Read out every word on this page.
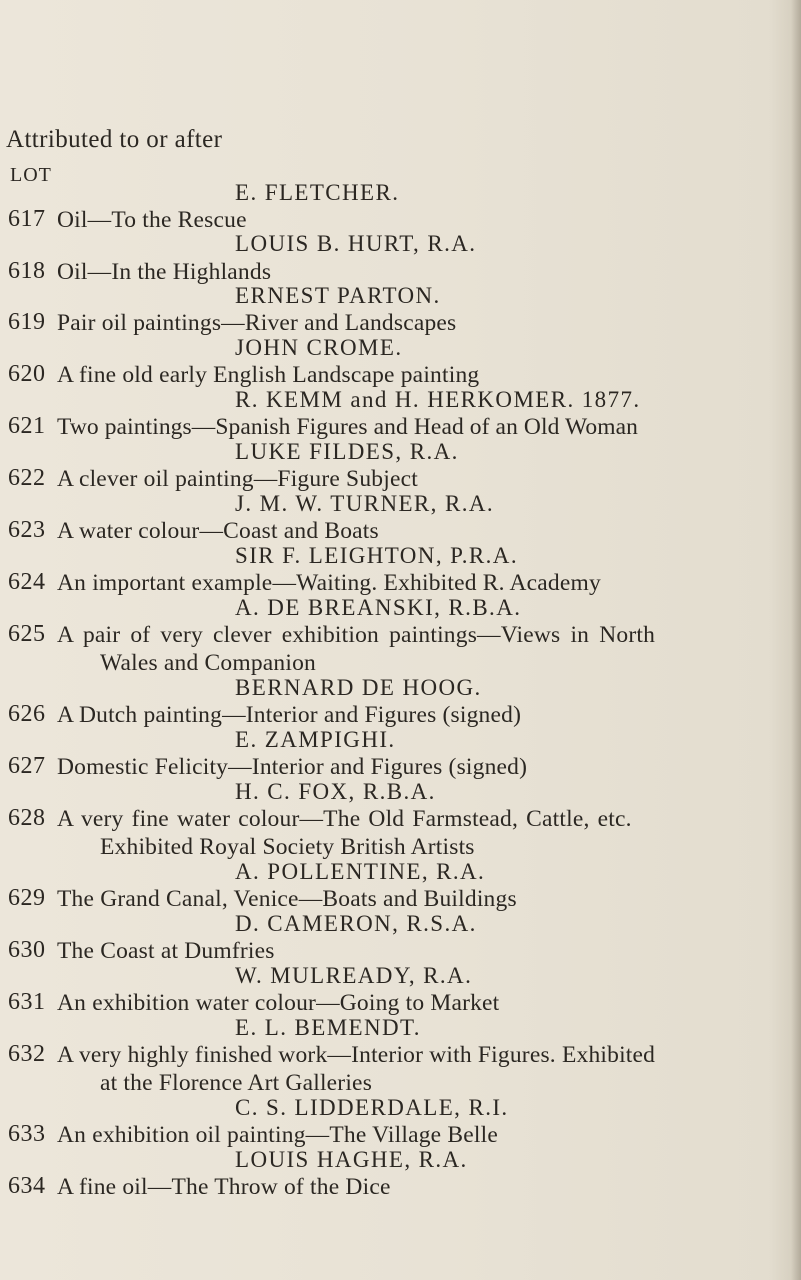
Attributed to or after
LOT
E. FLETCHER.
617 Oil—To the Rescue
LOUIS B. HURT, R.A.
618 Oil—In the Highlands
ERNEST PARTON.
619 Pair oil paintings—River and Landscapes
JOHN CROME.
620 A fine old early English Landscape painting
R. KEMM and H. HERKOMER. 1877.
621 Two paintings—Spanish Figures and Head of an Old Woman
LUKE FILDES, R.A.
622 A clever oil painting—Figure Subject
J. M. W. TURNER, R.A.
623 A water colour—Coast and Boats
SIR F. LEIGHTON, P.R.A.
624 An important example—Waiting. Exhibited R. Academy
A. DE BREANSKI, R.B.A.
625 A pair of very clever exhibition paintings—Views in North
Wales and Companion
BERNARD DE HOOG.
626 A Dutch painting—Interior and Figures (signed)
E. ZAMPIGHI.
627 Domestic Felicity—Interior and Figures (signed)
H. C. FOX, R.B.A.
628 A very fine water colour—The Old Farmstead, Cattle, etc.
Exhibited Royal Society British Artists
A. POLLENTINE, R.A.
629 The Grand Canal, Venice—Boats and Buildings
D. CAMERON, R.S.A.
630 The Coast at Dumfries
W. MULREADY, R.A.
631 An exhibition water colour—Going to Market
E. L. BEMENDT.
632 A very highly finished work—Interior with Figures. Exhibited
at the Florence Art Galleries
C. S. LIDDERDALE, R.I.
633 An exhibition oil painting—The Village Belle
LOUIS HAGHE, R.A.
634 A fine oil—The Throw of the Dice
